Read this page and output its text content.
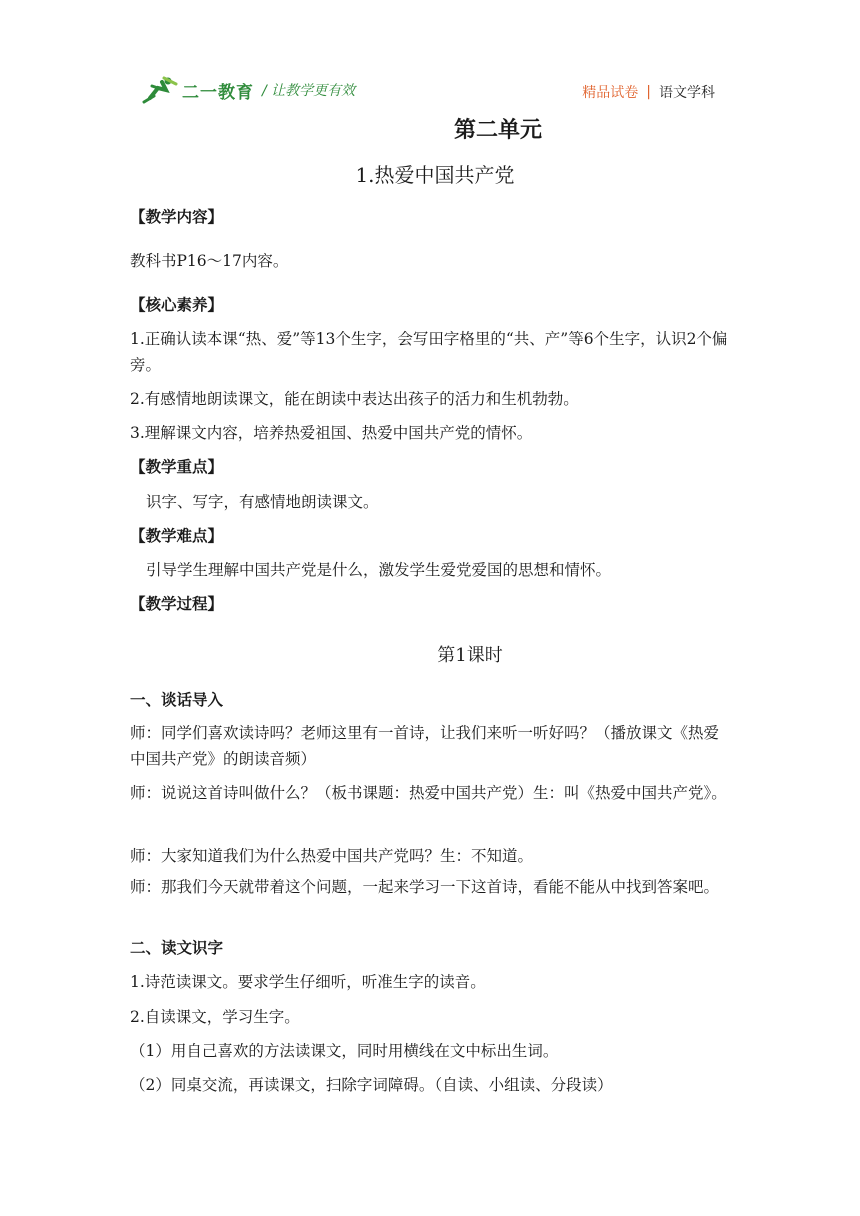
二一教育 / 让教学更有效	精品试卷 | 语文学科
第二单元
1.热爱中国共产党
【教学内容】
教科书P16～17内容。
【核心素养】
1.正确认读本课“热、爱”等13个生字，会写田字格里的“共、产”等6个生字，认识2个偏旁。
2.有感情地朗读课文，能在朗读中表达出孩子的活力和生机勃勃。
3.理解课文内容，培养热爱祖国、热爱中国共产党的情怀。
【教学重点】
识字、写字，有感情地朗读课文。
【教学难点】
引导学生理解中国共产党是什么，激发学生爱党爱国的思想和情怀。
【教学过程】
第1课时
一、谈话导入
师：同学们喜欢读诗吗？老师这里有一首诗，让我们来听一听好吗？（播放课文《热爱中国共产党》的朗读音频）
师：说说这首诗叫做什么？（板书课题：热爱中国共产党）生：叫《热爱中国共产党》。
师：大家知道我们为什么热爱中国共产党吗？生：不知道。
师：那我们今天就带着这个问题，一起来学习一下这首诗，看能不能从中找到答案吧。
二、读文识字
1.诗范读课文。要求学生仔细听，听准生字的读音。
2.自读课文，学习生字。
（1）用自己喜欢的方法读课文，同时用横线在文中标出生词。
（2）同桌交流，再读课文，扫除字词障碍。（自读、小组读、分段读）
